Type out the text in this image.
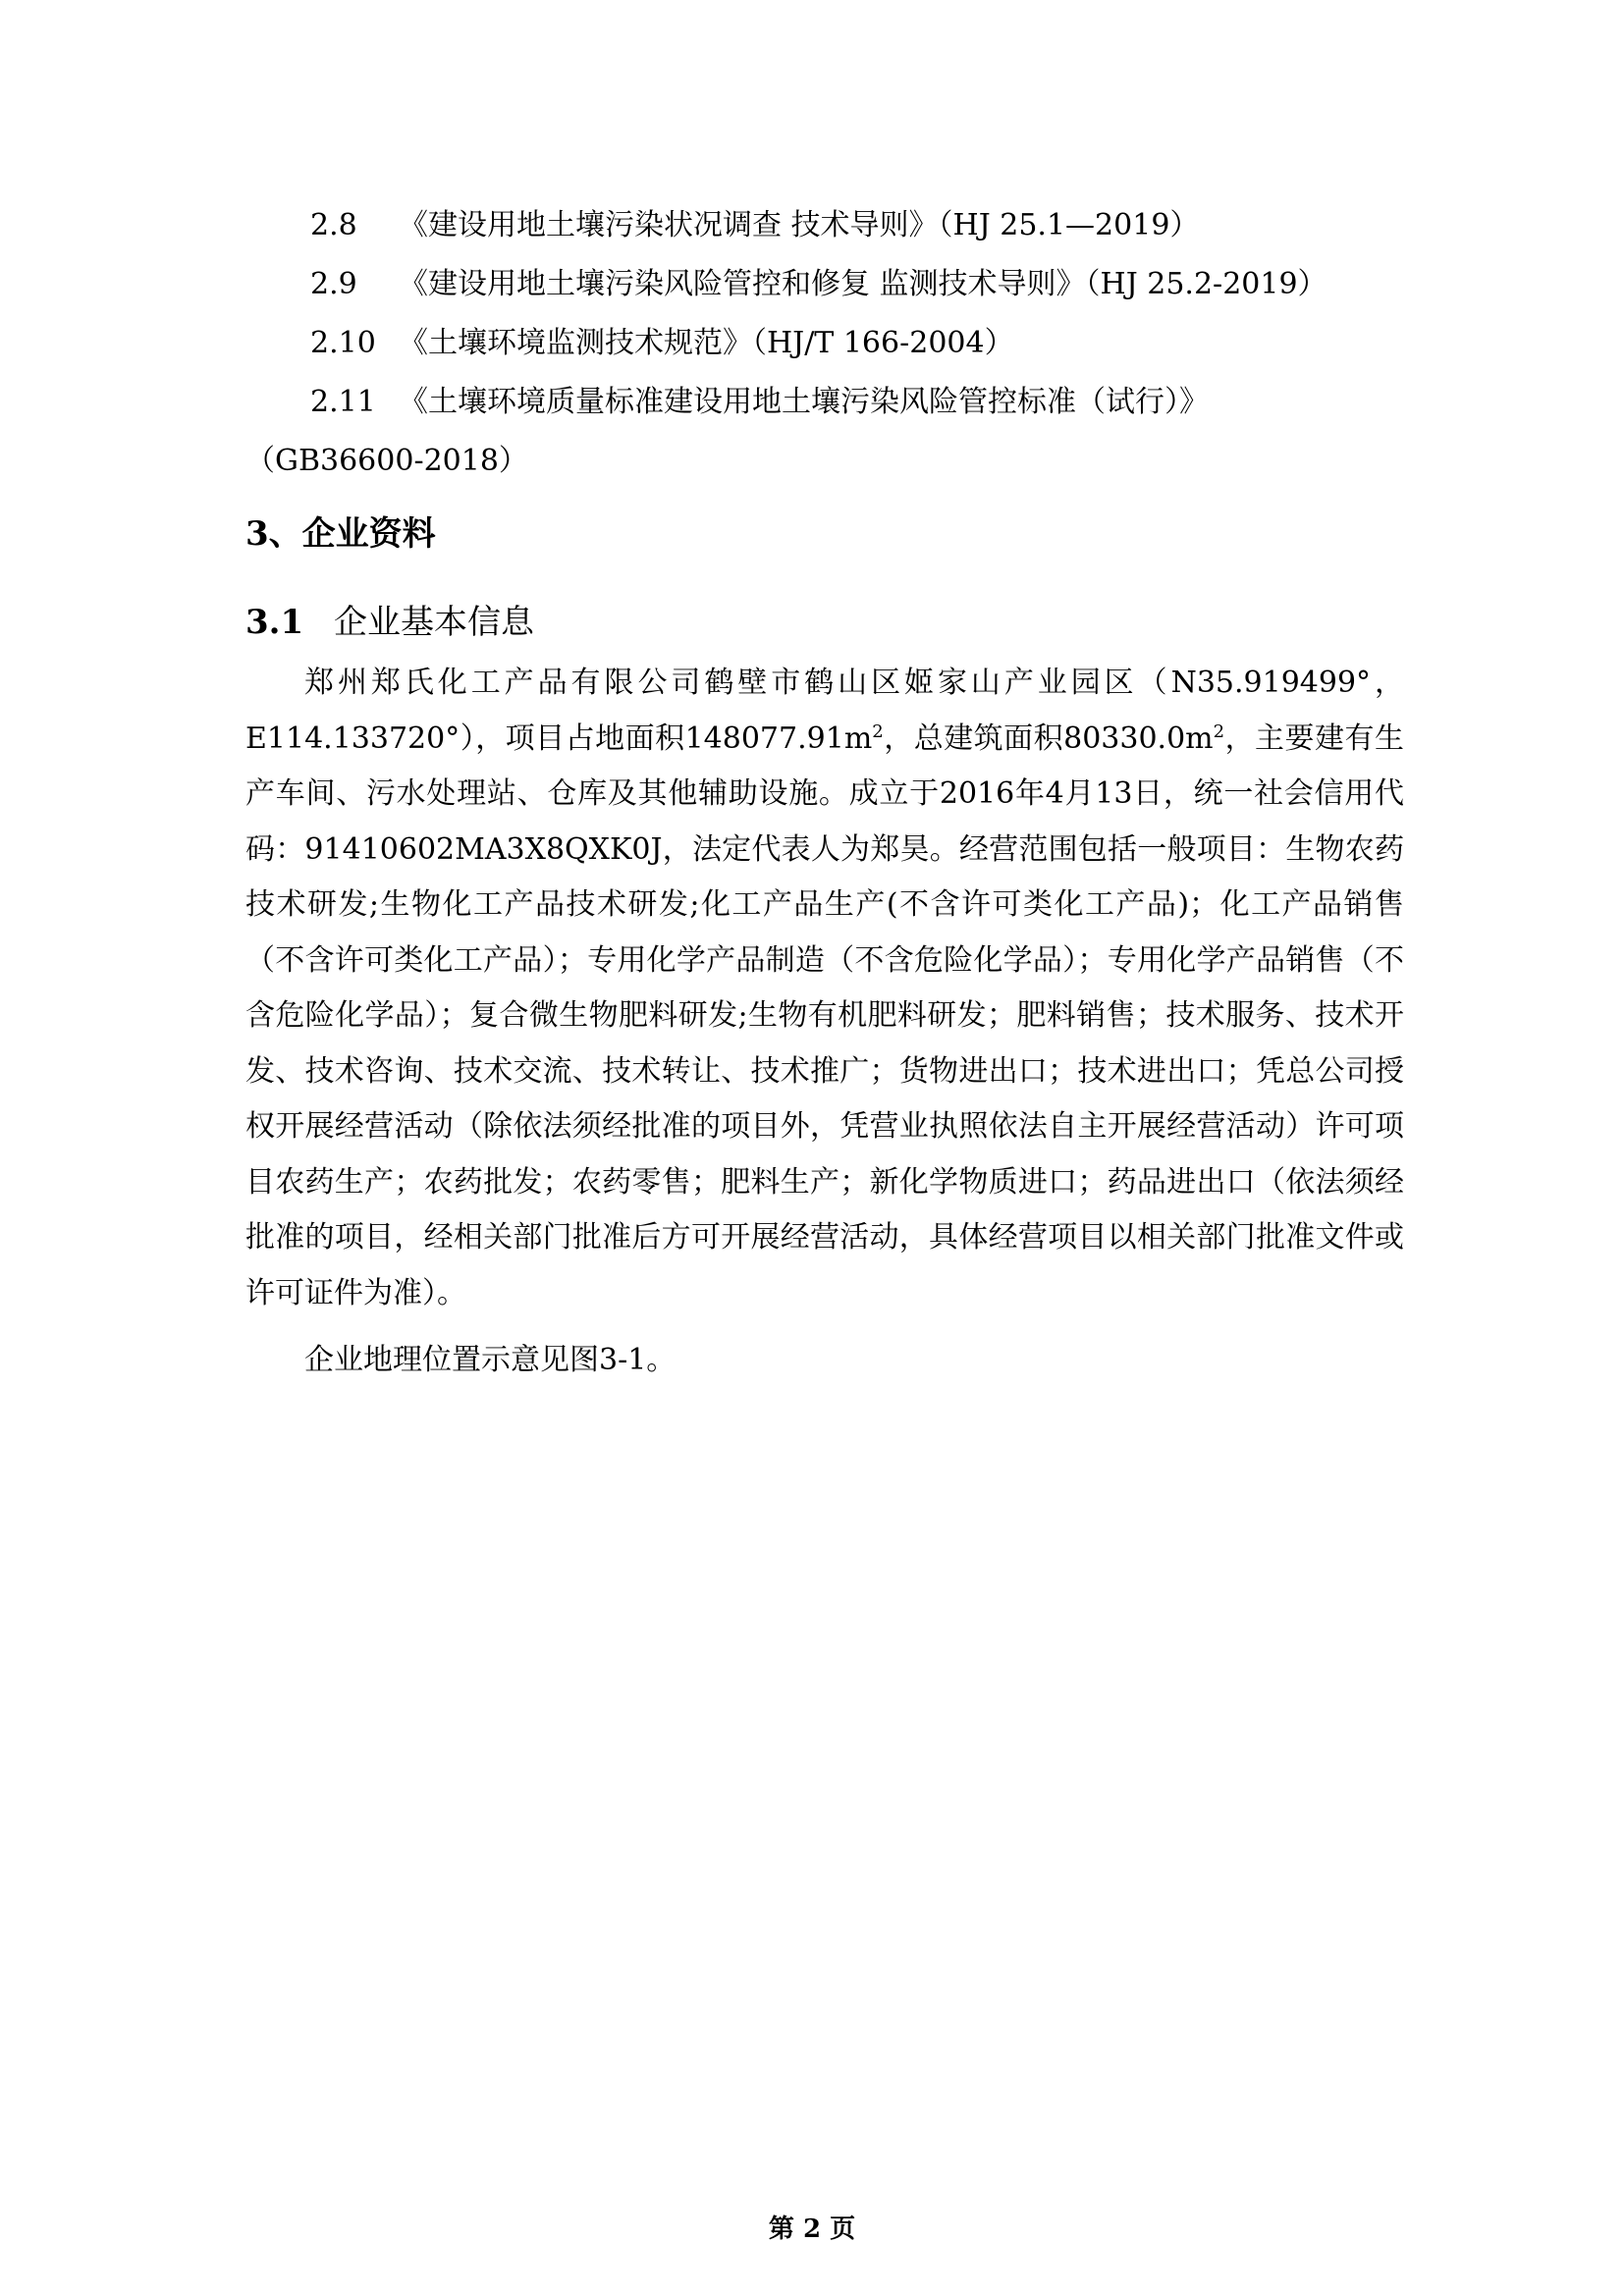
2.8 《建设用地土壤污染状况调查 技术导则》（HJ 25.1—2019）
2.9 《建设用地土壤污染风险管控和修复 监测技术导则》（HJ 25.2-2019）
2.10 《土壤环境监测技术规范》（HJ/T 166-2004）
2.11 《土壤环境质量标准建设用地土壤污染风险管控标准（试行）》
（GB36600-2018）
3、企业资料
3.1 企业基本信息

郑州郑氏化工产品有限公司鹤壁市鹤山区姬家山产业园区（N35.919499°，E114.133720°），项目占地面积$148077.91m^2$，总建筑面积$80330.0m^2$，主要建有生产车间、污水处理站、仓库及其他辅助设施。成立于2016年4月13日，统一社会信用代码：91410602MA3X8QXK0J，法定代表人为郑昊。经营范围包括一般项目：生物农药技术研发;生物化工产品技术研发;化工产品生产(不含许可类化工产品)；化工产品销售（不含许可类化工产品）；专用化学产品制造（不含危险化学品）；专用化学产品销售（不含危险化学品）；复合微生物肥料研发;生物有机肥料研发；肥料销售；技术服务、技术开发、技术咨询、技术交流、技术转让、技术推广；货物进出口；技术进出口；凭总公司授权开展经营活动（除依法须经批准的项目外，凭营业执照依法自主开展经营活动）许可项目农药生产；农药批发；农药零售；肥料生产；新化学物质进口；药品进出口（依法须经批准的项目，经相关部门批准后方可开展经营活动，具体经营项目以相关部门批准文件或许可证件为准）。

企业地理位置示意见图3-1。

第 2 页
